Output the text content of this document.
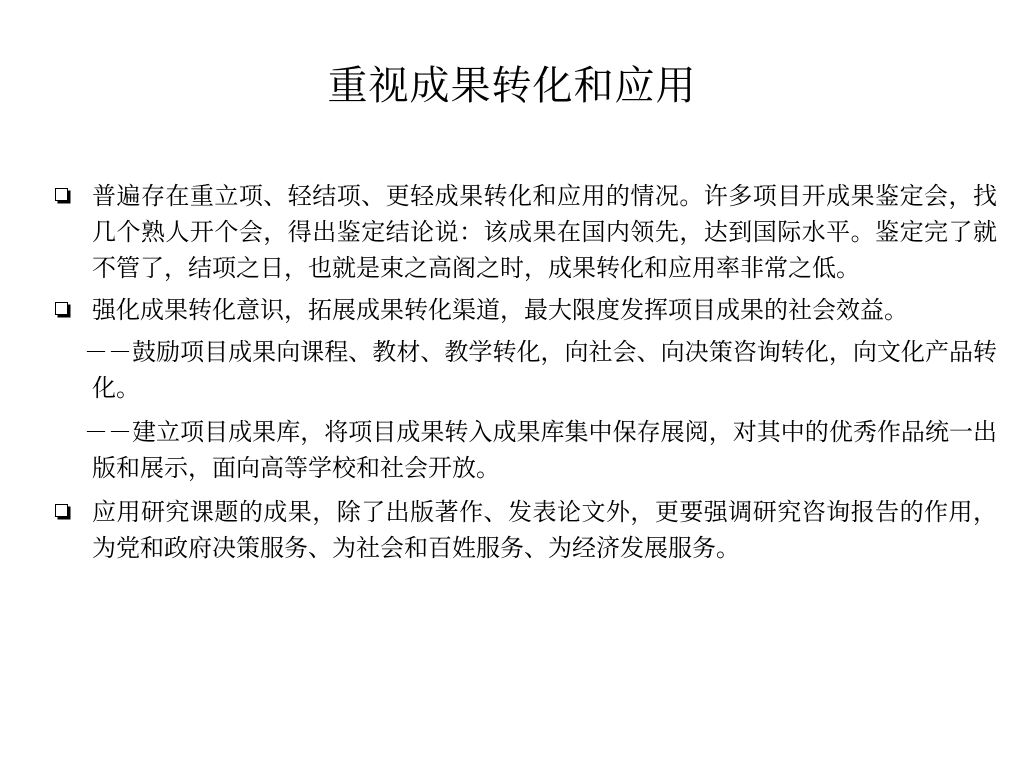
重视成果转化和应用
普遍存在重立项、轻结项、更轻成果转化和应用的情况。许多项目开成果鉴定会，找几个熟人开个会，得出鉴定结论说：该成果在国内领先，达到国际水平。鉴定完了就不管了，结项之日，也就是束之高阁之时，成果转化和应用率非常之低。
强化成果转化意识，拓展成果转化渠道，最大限度发挥项目成果的社会效益。
－－鼓励项目成果向课程、教材、教学转化，向社会、向决策咨询转化，向文化产品转化。
－－建立项目成果库，将项目成果转入成果库集中保存展阅，对其中的优秀作品统一出版和展示，面向高等学校和社会开放。
应用研究课题的成果，除了出版著作、发表论文外，更要强调研究咨询报告的作用，为党和政府决策服务、为社会和百姓服务、为经济发展服务。
